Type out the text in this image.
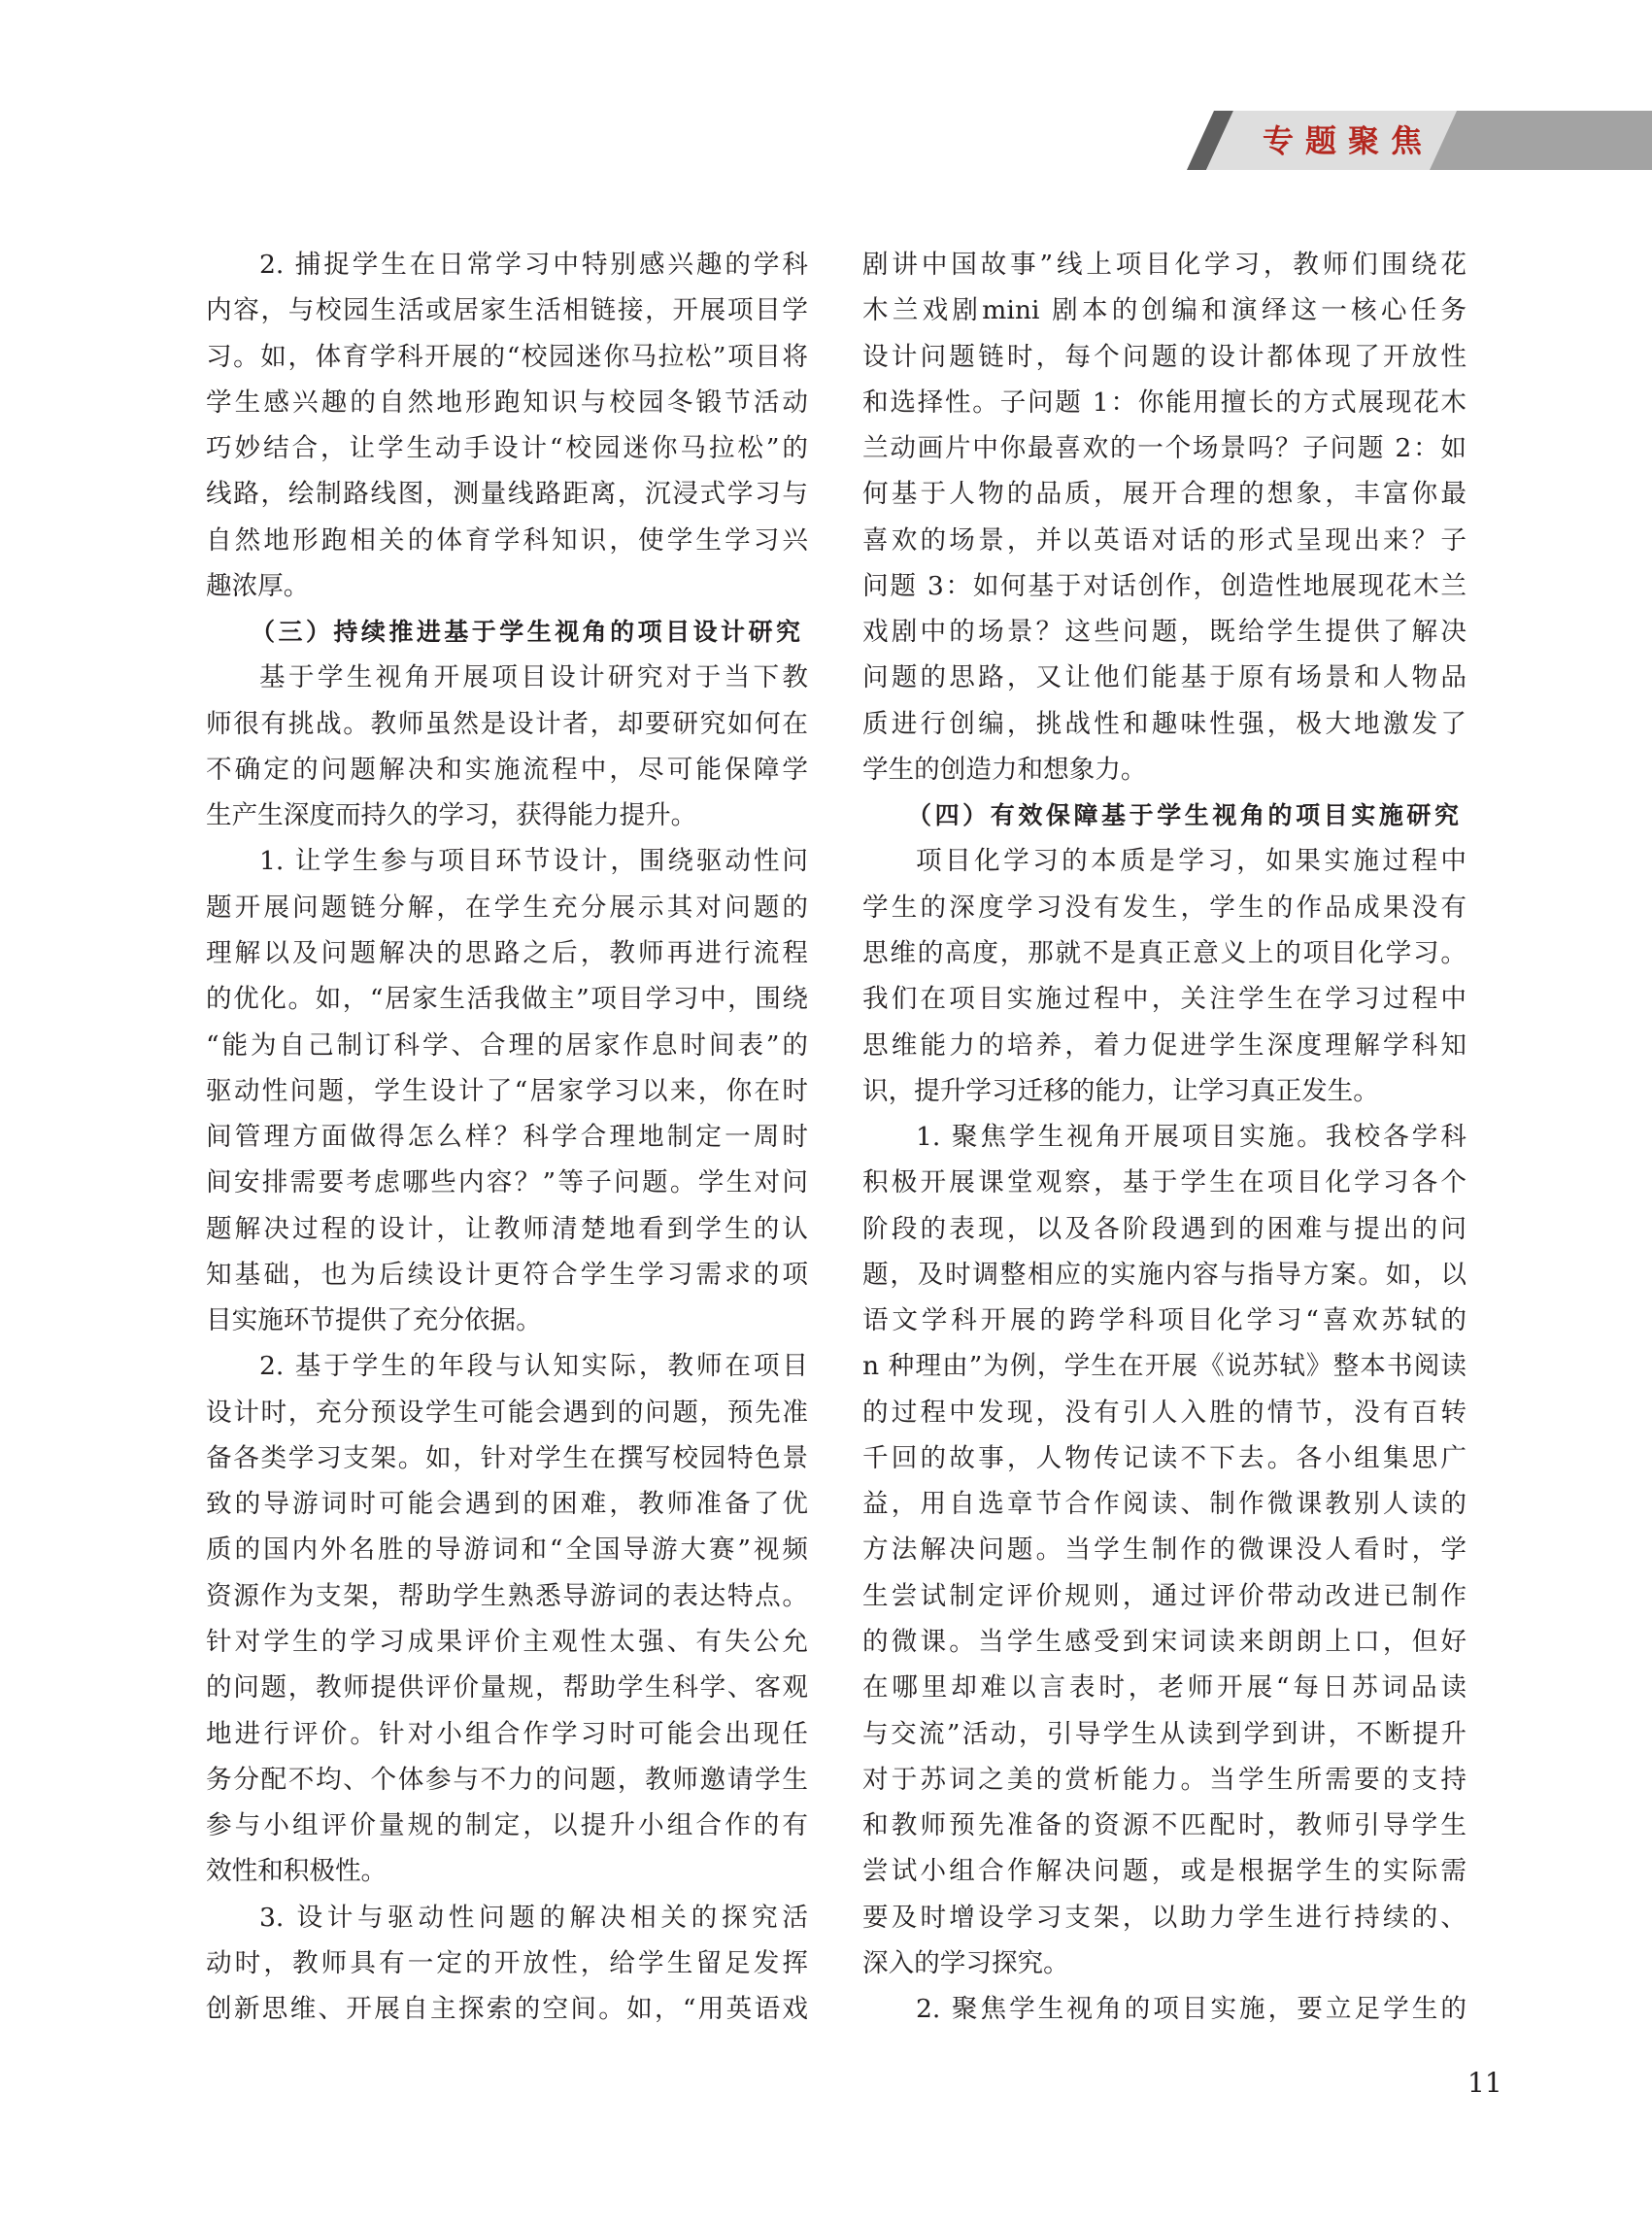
专题聚焦
2. 捕捉学生在日常学习中特别感兴趣的学科
内容，与校园生活或居家生活相链接，开展项目学
习。如，体育学科开展的“校园迷你马拉松”项目将
学生感兴趣的自然地形跑知识与校园冬锻节活动
巧妙结合，让学生动手设计“校园迷你马拉松”的
线路，绘制路线图，测量线路距离，沉浸式学习与
自然地形跑相关的体育学科知识，使学生学习兴
趣浓厚。
（三）持续推进基于学生视角的项目设计研究
基于学生视角开展项目设计研究对于当下教
师很有挑战。教师虽然是设计者，却要研究如何在
不确定的问题解决和实施流程中，尽可能保障学
生产生深度而持久的学习，获得能力提升。
1. 让学生参与项目环节设计，围绕驱动性问
题开展问题链分解，在学生充分展示其对问题的
理解以及问题解决的思路之后，教师再进行流程
的优化。如，“居家生活我做主”项目学习中，围绕
“能为自己制订科学、合理的居家作息时间表”的
驱动性问题，学生设计了“居家学习以来，你在时
间管理方面做得怎么样？科学合理地制定一周时
间安排需要考虑哪些内容？”等子问题。学生对问
题解决过程的设计，让教师清楚地看到学生的认
知基础，也为后续设计更符合学生学习需求的项
目实施环节提供了充分依据。
2. 基于学生的年段与认知实际，教师在项目
设计时，充分预设学生可能会遇到的问题，预先准
备各类学习支架。如，针对学生在撰写校园特色景
致的导游词时可能会遇到的困难，教师准备了优
质的国内外名胜的导游词和“全国导游大赛”视频
资源作为支架，帮助学生熟悉导游词的表达特点。
针对学生的学习成果评价主观性太强、有失公允
的问题，教师提供评价量规，帮助学生科学、客观
地进行评价。针对小组合作学习时可能会出现任
务分配不均、个体参与不力的问题，教师邀请学生
参与小组评价量规的制定，以提升小组合作的有
效性和积极性。
3. 设计与驱动性问题的解决相关的探究活
动时，教师具有一定的开放性，给学生留足发挥
创新思维、开展自主探索的空间。如，“用英语戏
剧讲中国故事”线上项目化学习，教师们围绕花
木兰戏剧mini 剧本的创编和演绎这一核心任务
设计问题链时，每个问题的设计都体现了开放性
和选择性。子问题 1：你能用擅长的方式展现花木
兰动画片中你最喜欢的一个场景吗？子问题 2：如
何基于人物的品质，展开合理的想象，丰富你最
喜欢的场景，并以英语对话的形式呈现出来？子
问题 3：如何基于对话创作，创造性地展现花木兰
戏剧中的场景？这些问题，既给学生提供了解决
问题的思路，又让他们能基于原有场景和人物品
质进行创编，挑战性和趣味性强，极大地激发了
学生的创造力和想象力。
（四）有效保障基于学生视角的项目实施研究
项目化学习的本质是学习，如果实施过程中
学生的深度学习没有发生，学生的作品成果没有
思维的高度，那就不是真正意义上的项目化学习。
我们在项目实施过程中，关注学生在学习过程中
思维能力的培养，着力促进学生深度理解学科知
识，提升学习迁移的能力，让学习真正发生。
1. 聚焦学生视角开展项目实施。我校各学科
积极开展课堂观察，基于学生在项目化学习各个
阶段的表现，以及各阶段遇到的困难与提出的问
题，及时调整相应的实施内容与指导方案。如，以
语文学科开展的跨学科项目化学习“喜欢苏轼的
n 种理由”为例，学生在开展《说苏轼》整本书阅读
的过程中发现，没有引人入胜的情节，没有百转
千回的故事，人物传记读不下去。各小组集思广
益，用自选章节合作阅读、制作微课教别人读的
方法解决问题。当学生制作的微课没人看时，学
生尝试制定评价规则，通过评价带动改进已制作
的微课。当学生感受到宋词读来朗朗上口，但好
在哪里却难以言表时，老师开展“每日苏词品读
与交流”活动，引导学生从读到学到讲，不断提升
对于苏词之美的赏析能力。当学生所需要的支持
和教师预先准备的资源不匹配时，教师引导学生
尝试小组合作解决问题，或是根据学生的实际需
要及时增设学习支架，以助力学生进行持续的、
深入的学习探究。
2. 聚焦学生视角的项目实施，要立足学生的
11
